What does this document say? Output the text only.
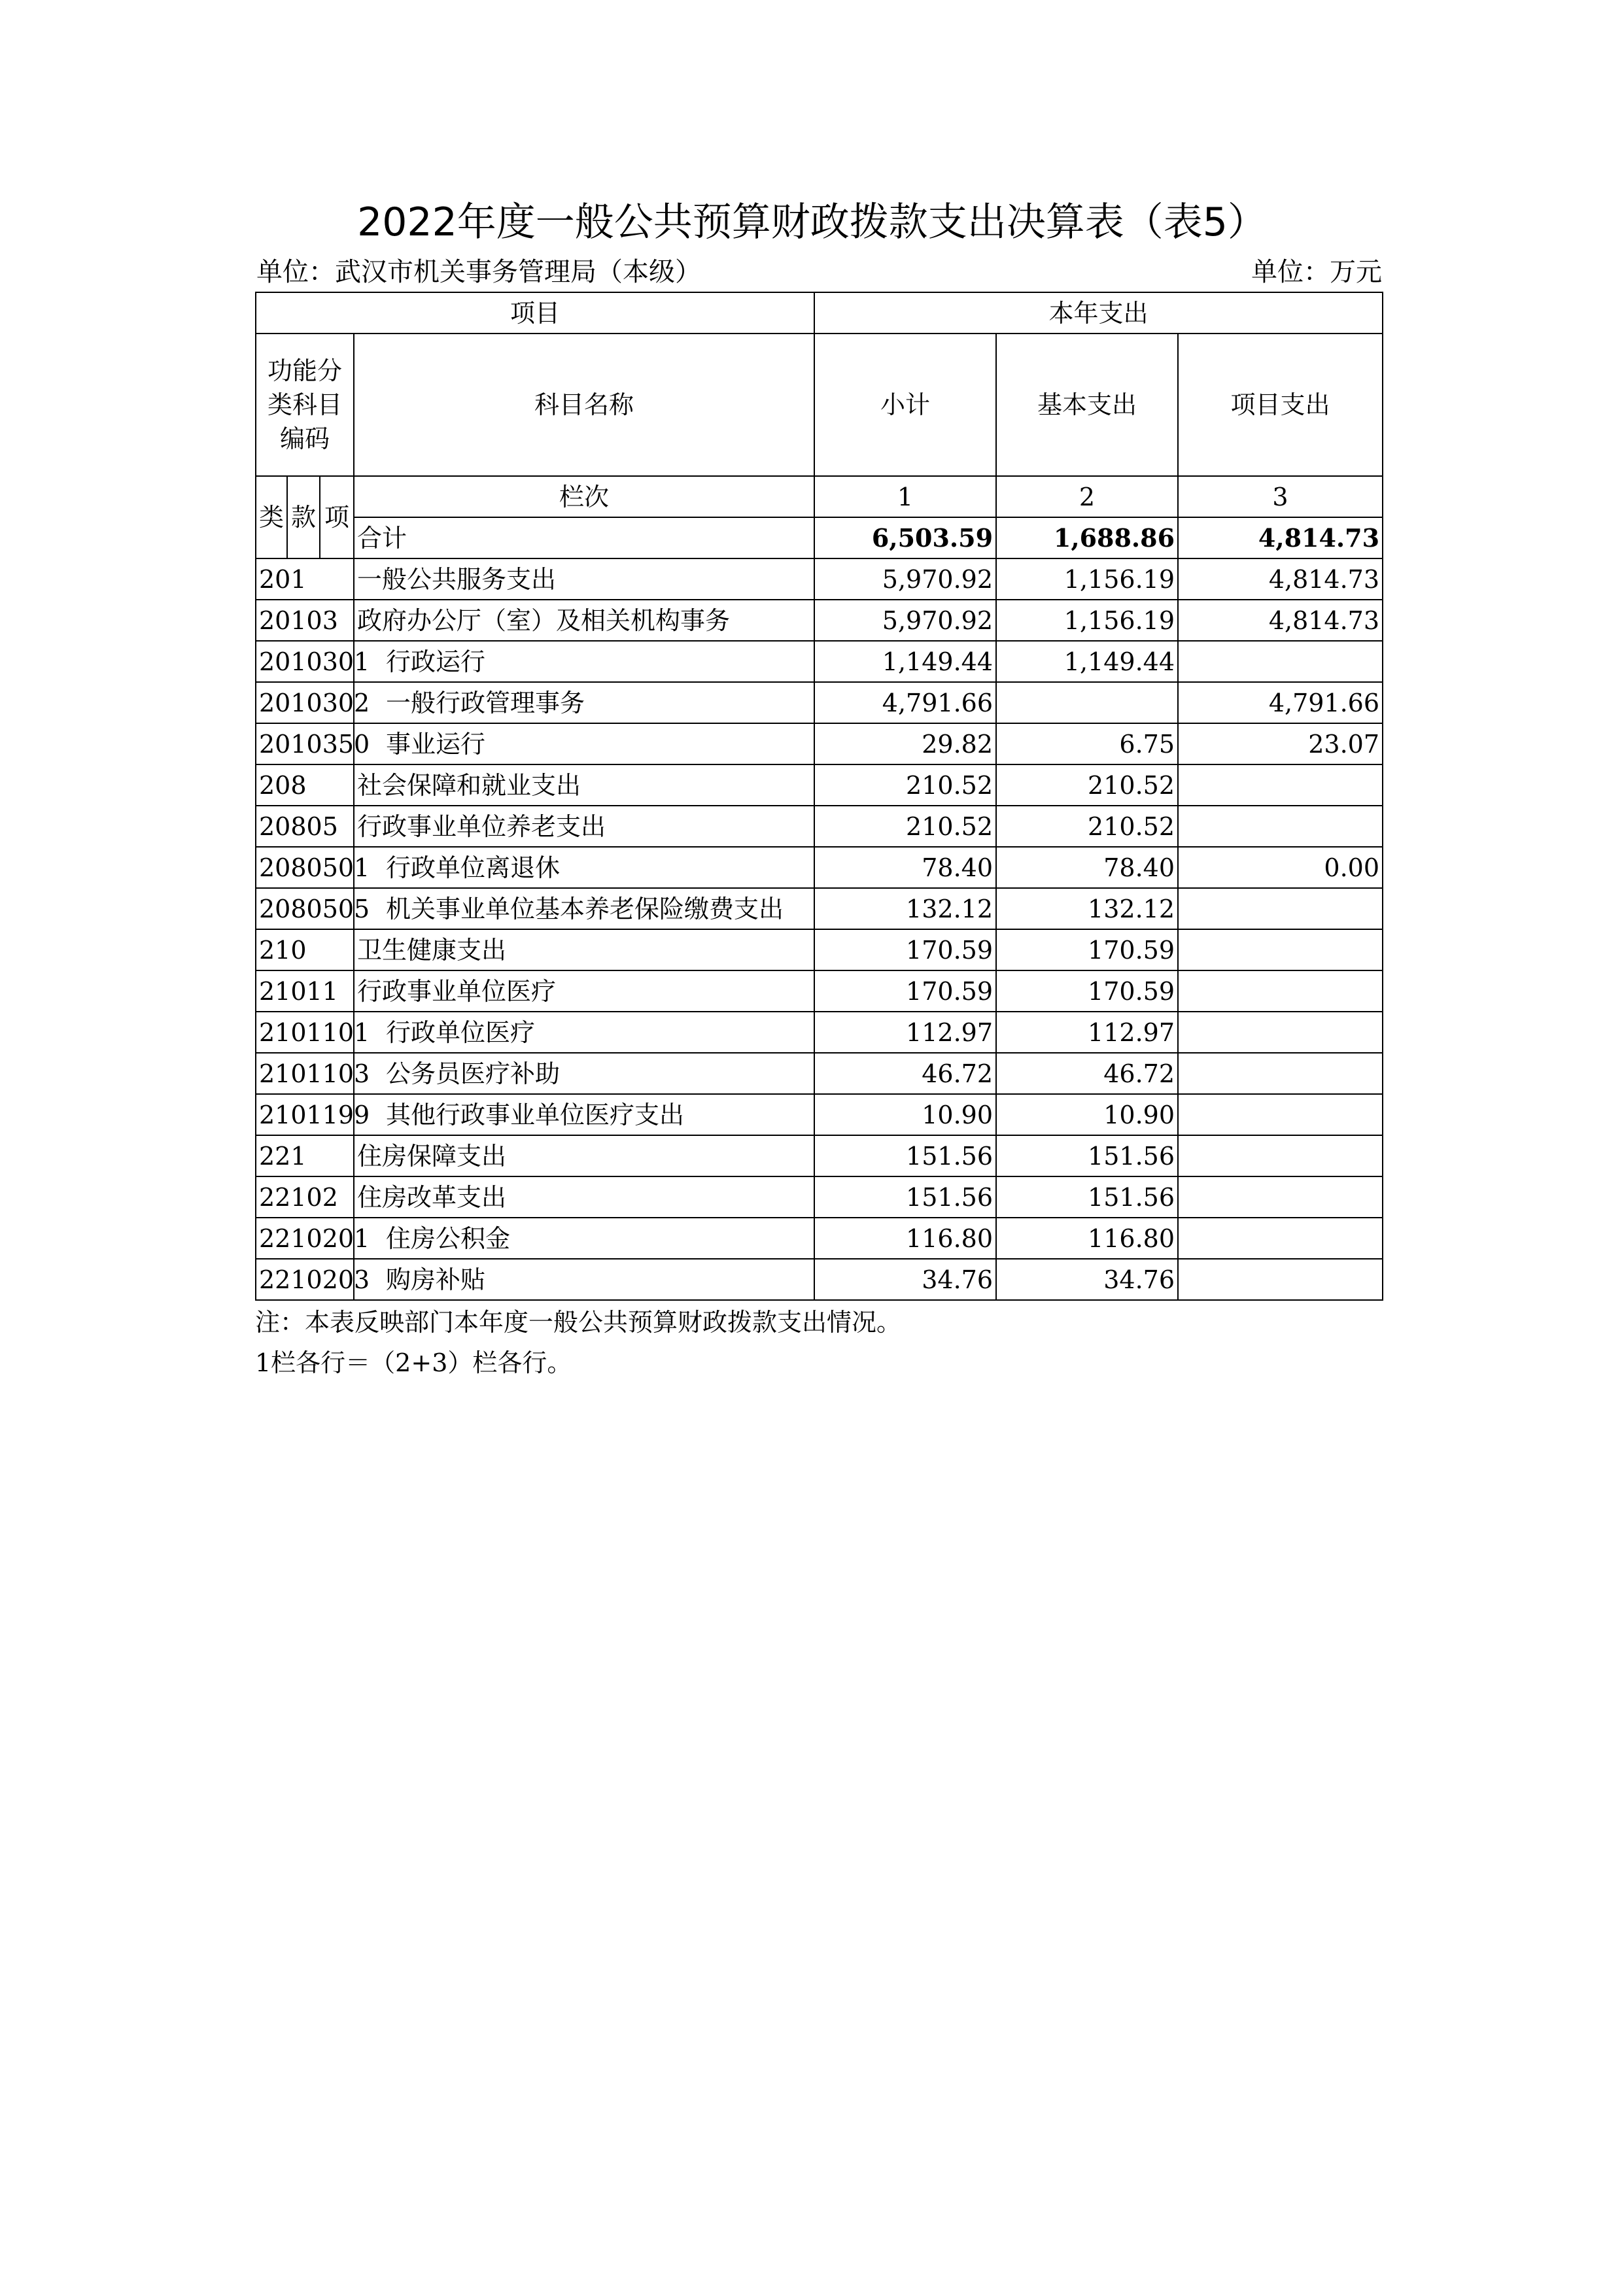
2022年度一般公共预算财政拨款支出决算表（表5）
单位：武汉市机关事务管理局（本级）	单位：万元
项目				本年支出		
功能分类科目编码			科目名称	小计	基本支出	项目支出
类	款	项	栏次	1	2	3
			合计	6,503.59	1,688.86	4,814.73
201			一般公共服务支出	5,970.92	1,156.19	4,814.73
20103			政府办公厅（室）及相关机构事务	5,970.92	1,156.19	4,814.73
2010301			行政运行	1,149.44	1,149.44	
2010302			一般行政管理事务	4,791.66		4,791.66
2010350			事业运行	29.82	6.75	23.07
208			社会保障和就业支出	210.52	210.52	
20805			行政事业单位养老支出	210.52	210.52	
2080501			行政单位离退休	78.40	78.40	0.00
2080505			机关事业单位基本养老保险缴费支出	132.12	132.12	
210			卫生健康支出	170.59	170.59	
21011			行政事业单位医疗	170.59	170.59	
2101101			行政单位医疗	112.97	112.97	
2101103			公务员医疗补助	46.72	46.72	
2101199			其他行政事业单位医疗支出	10.90	10.90	
221			住房保障支出	151.56	151.56	
22102			住房改革支出	151.56	151.56	
2210201			住房公积金	116.80	116.80	
2210203			购房补贴	34.76	34.76	
注：本表反映部门本年度一般公共预算财政拨款支出情况。
1栏各行＝（2+3）栏各行。
